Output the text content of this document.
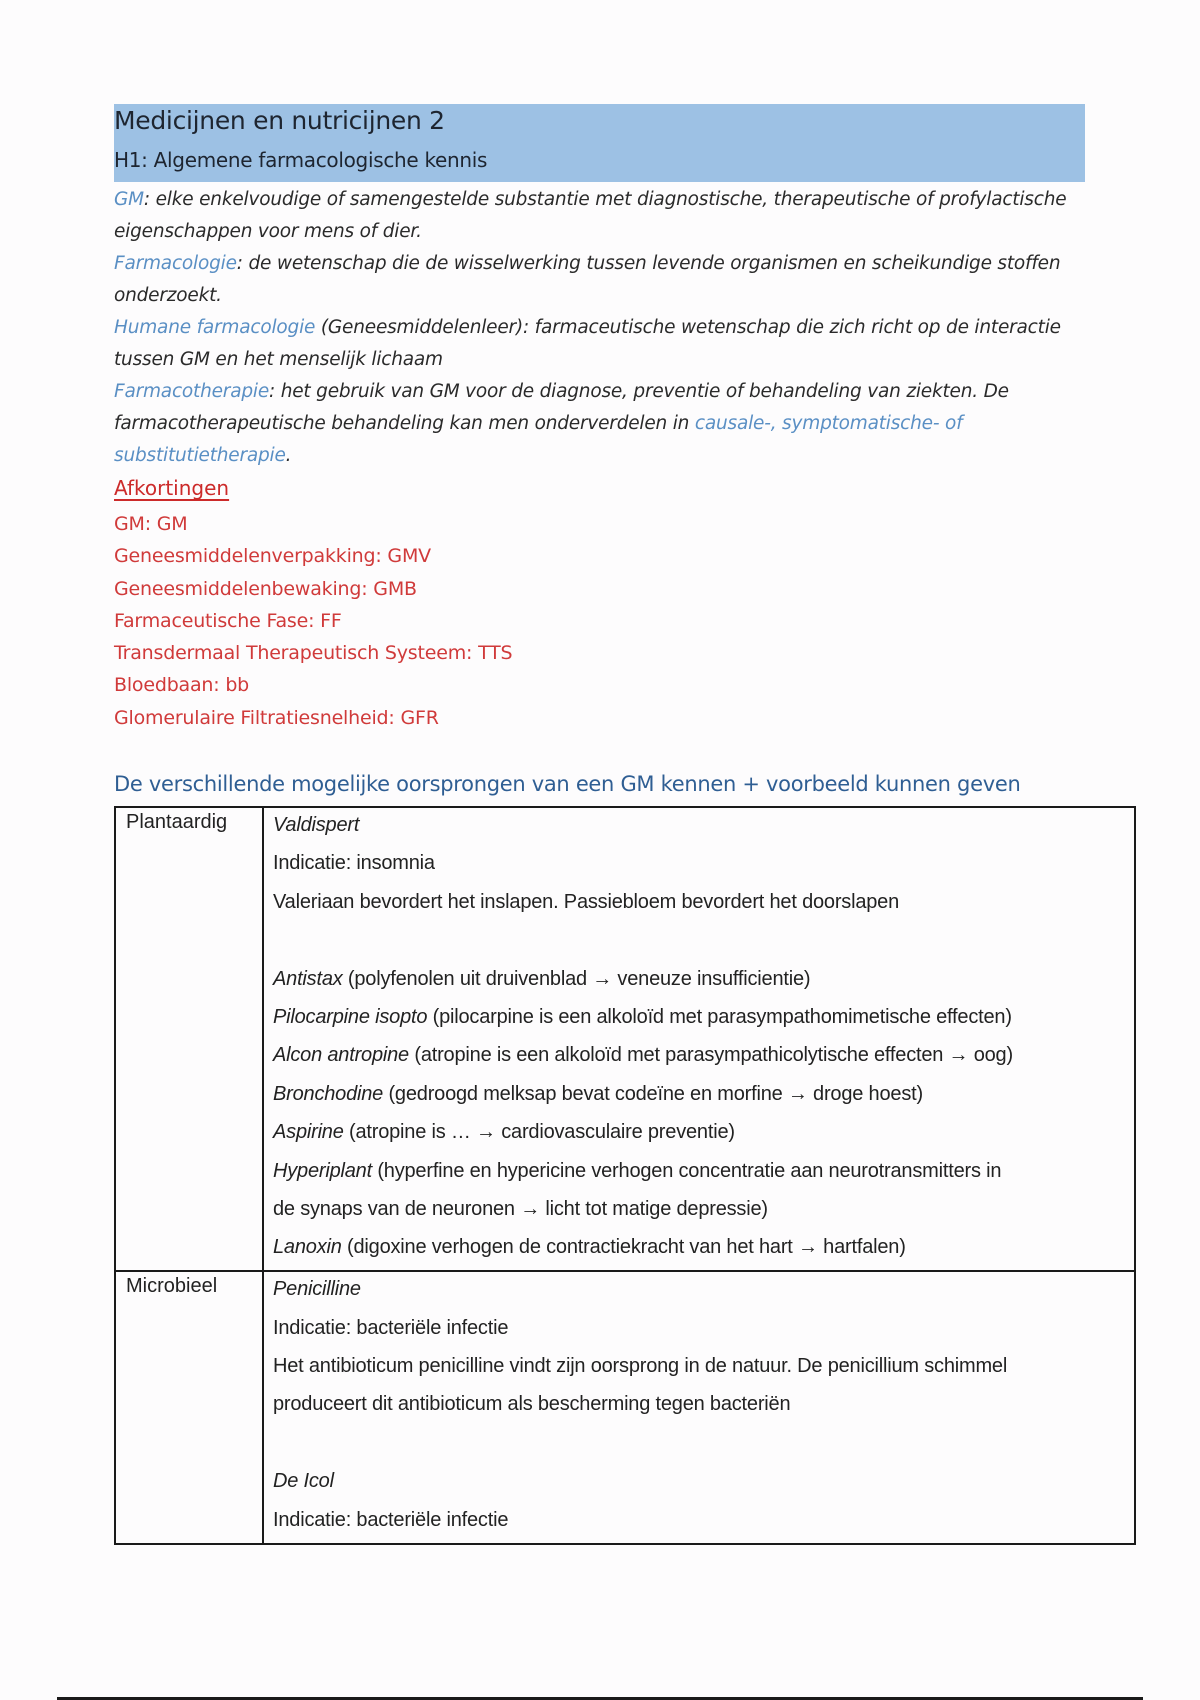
Medicijnen en nutricijnen 2
H1: Algemene farmacologische kennis

GM: elke enkelvoudige of samengestelde substantie met diagnostische, therapeutische of profylactische eigenschappen voor mens of dier.

Farmacologie: de wetenschap die de wisselwerking tussen levende organismen en scheikundige stoffen onderzoekt.

Humane farmacologie (Geneesmiddelenleer): farmaceutische wetenschap die zich richt op de interactie tussen GM en het menselijk lichaam

Farmacotherapie: het gebruik van GM voor de diagnose, preventie of behandeling van ziekten. De farmacotherapeutische behandeling kan men onderverdelen in causale-, symptomatische- of substitutietherapie.

Afkortingen
GM: GM
Geneesmiddelenverpakking: GMV
Geneesmiddelenbewaking: GMB
Farmaceutische Fase: FF
Transdermaal Therapeutisch Systeem: TTS
Bloedbaan: bb
Glomerulaire Filtratiesnelheid: GFR
De verschillende mogelijke oorsprongen van een GM kennen + voorbeeld kunnen geven
Plantaardig	Valdispert
Indicatie: insomnia
Valeriaan bevordert het inslapen. Passiebloem bevordert het doorslapen
Antistax (polyfenolen uit druivenblad → veneuze insufficientie)
Pilocarpine isopto (pilocarpine is een alkoloïd met parasympathomimetische effecten)
Alcon antropine (atropine is een alkoloïd met parasympathicolytische effecten → oog)
Bronchodine (gedroogd melksap bevat codeïne en morfine → droge hoest)
Aspirine (atropine is … → cardiovasculaire preventie)
Hyperiplant (hyperfine en hypericine verhogen concentratie aan neurotransmitters in
de synaps van de neuronen → licht tot matige depressie)
Lanoxin (digoxine verhogen de contractiekracht van het hart → hartfalen)

Microbieel	Penicilline
Indicatie: bacteriële infectie
Het antibioticum penicilline vindt zijn oorsprong in de natuur. De penicillium schimmel
produceert dit antibioticum als bescherming tegen bacteriën
De Icol
Indicatie: bacteriële infectie
